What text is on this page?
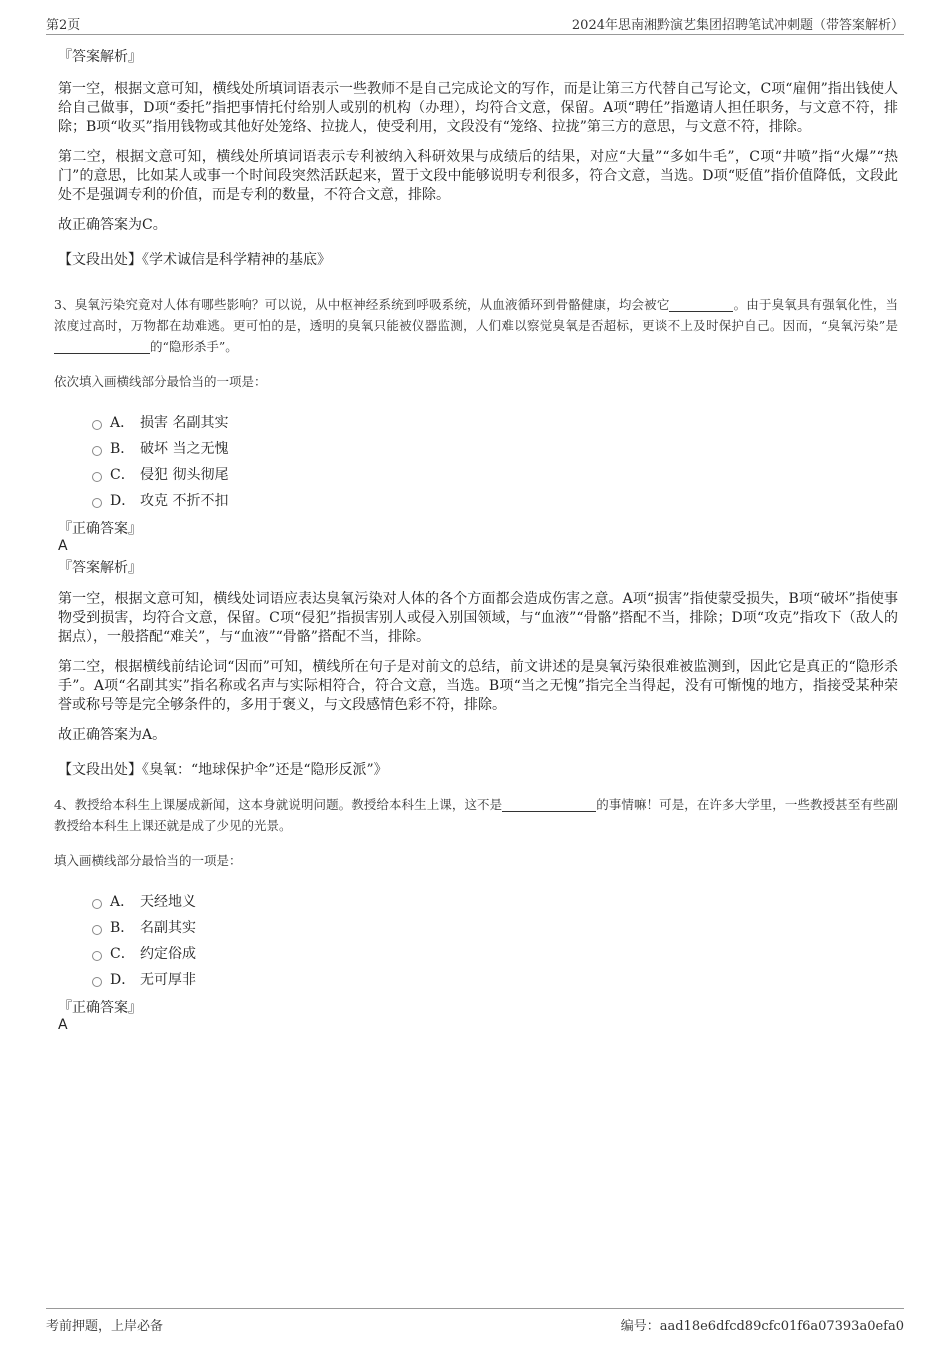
第2页	2024年思南湘黔演艺集团招聘笔试冲刺题（带答案解析）

『答案解析』

第一空，根据文意可知，横线处所填词语表示一些教师不是自己完成论文的写作，而是让第三方代替自己写论文，C项“雇佣”指出钱使人给自己做事，D项“委托”指把事情托付给别人或别的机构（办理），均符合文意，保留。A项“聘任”指邀请人担任职务，与文意不符，排除；B项“收买”指用钱物或其他好处笼络、拉拢人，使受利用，文段没有“笼络、拉拢”第三方的意思，与文意不符，排除。

第二空，根据文意可知，横线处所填词语表示专利被纳入科研效果与成绩后的结果，对应“大量”“多如牛毛”，C项“井喷”指“火爆”“热门”的意思，比如某人或事一个时间段突然活跃起来，置于文段中能够说明专利很多，符合文意，当选。D项“贬值”指价值降低，文段此处不是强调专利的价值，而是专利的数量，不符合文意，排除。

故正确答案为C。

【文段出处】《学术诚信是科学精神的基底》

3、臭氧污染究竟对人体有哪些影响？可以说，从中枢神经系统到呼吸系统，从血液循环到骨骼健康，均会被它	。由于臭氧具有强氧化性，当浓度过高时，万物都在劫难逃。更可怕的是，透明的臭氧只能被仪器监测，人们难以察觉臭氧是否超标，更谈不上及时保护自己。因而，“臭氧污染”是的“隐形杀手”。

依次填入画横线部分最恰当的一项是：

A． 损害 名副其实
B． 破坏 当之无愧
C． 侵犯 彻头彻尾
D． 攻克 不折不扣

『正确答案』

A

『答案解析』

第一空，根据文意可知，横线处词语应表达臭氧污染对人体的各个方面都会造成伤害之意。A项“损害”指使蒙受损失，B项“破坏”指使事物受到损害，均符合文意，保留。C项“侵犯”指损害别人或侵入别国领域，与“血液”“骨骼”搭配不当，排除；D项“攻克”指攻下（敌人的据点），一般搭配“难关”，与“血液”“骨骼”搭配不当，排除。

第二空，根据横线前结论词“因而”可知，横线所在句子是对前文的总结，前文讲述的是臭氧污染很难被监测到，因此它是真正的“隐形杀手”。A项“名副其实”指名称或名声与实际相符合，符合文意，当选。B项“当之无愧”指完全当得起，没有可惭愧的地方，指接受某种荣誉或称号等是完全够条件的，多用于褒义，与文段感情色彩不符，排除。

故正确答案为A。

【文段出处】《臭氧：“地球保护伞”还是“隐形反派”》

4、教授给本科生上课屡成新闻，这本身就说明问题。教授给本科生上课，这不是	的事情嘛！可是，在许多大学里，一些教授甚至有些副教授给本科生上课还就是成了少见的光景。

填入画横线部分最恰当的一项是：

A． 天经地义
B． 名副其实
C． 约定俗成
D． 无可厚非

『正确答案』

A

考前押题，上岸必备	编号：aad18e6dfcd89cfc01f6a07393a0efa0
